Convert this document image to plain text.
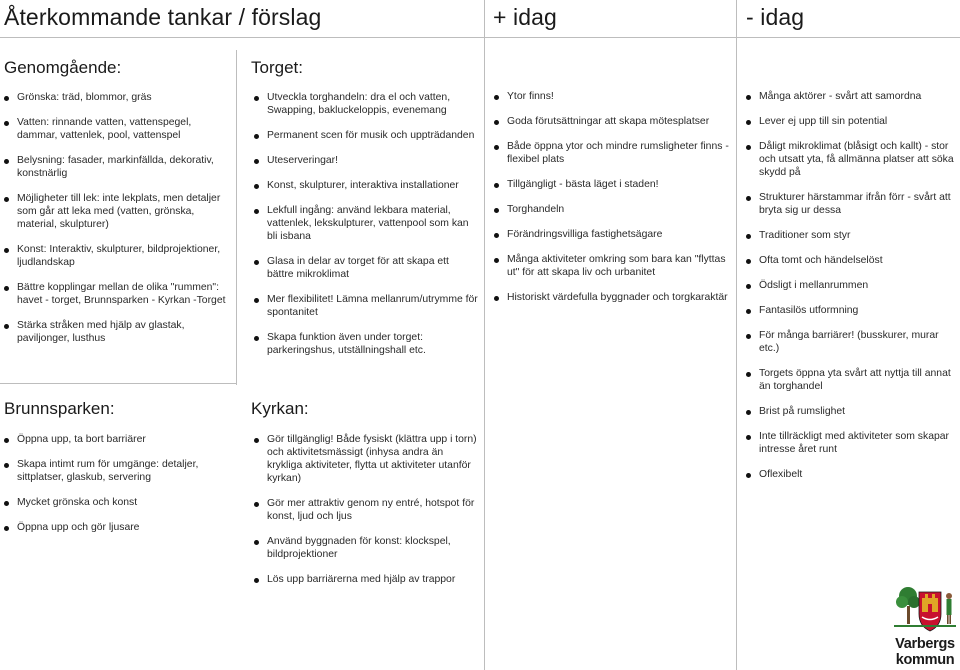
Återkommande tankar / förslag	+ idag	- idag
Genomgående:	Torget:
Brunnsparken:	Kyrkan:
Grönska: träd, blommor, gräs
Vatten: rinnande vatten, vattenspegel, dammar, vattenlek, pool, vattenspel
Belysning: fasader, markinfällda, dekorativ, konstnärlig
Möjligheter till lek: inte lekplats, men detaljer som går att leka med (vatten, grönska, material, skulpturer)
Konst: Interaktiv, skulpturer, bildprojektioner, ljudlandskap
Bättre kopplingar mellan de olika "rummen": havet - torget, Brunnsparken - Kyrkan -Torget
Stärka stråken med hjälp av glastak, paviljonger, lusthus
Utveckla torghandeln: dra el och vatten, Swapping, bakluckeloppis, evenemang
Permanent scen för musik och uppträdanden
Uteserveringar!
Konst, skulpturer, interaktiva installationer
Lekfull ingång: använd lekbara material, vattenlek, lekskulpturer, vattenpool som kan bli isbana
Glasa in delar av torget för att skapa ett bättre mikroklimat
Mer flexibilitet! Lämna mellanrum/utrymme för spontanitet
Skapa funktion även under torget: parkeringshus, utställningshall etc.
Öppna upp, ta bort barriärer
Skapa intimt rum för umgänge: detaljer, sittplatser, glaskub, servering
Mycket grönska och konst
Öppna upp och gör ljusare
Gör tillgänglig! Både fysiskt (klättra upp i torn) och aktivitetsmässigt (inhysa andra än krykliga aktiviteter, flytta ut aktiviteter utanför kyrkan)
Gör mer attraktiv genom ny entré, hotspot för konst, ljud och ljus
Använd byggnaden för konst: klockspel, bildprojektioner
Lös upp barriärerna med hjälp av trappor
Ytor finns!
Goda förutsättningar att skapa mötesplatser
Både öppna ytor och mindre rumsligheter finns - flexibel plats
Tillgängligt - bästa läget i staden!
Torghandeln
Förändringsvilliga fastighetsägare
Många aktiviteter omkring som bara kan "flyttas ut" för att skapa liv och urbanitet
Historiskt värdefulla byggnader och torgkaraktär
Många aktörer - svårt att samordna
Lever ej upp till sin potential
Dåligt mikroklimat (blåsigt och kallt) - stor och utsatt yta, få allmänna platser att söka skydd på
Strukturer härstammar ifrån förr - svårt att bryta sig ur dessa
Traditioner som styr
Ofta tomt och händelselöst
Ödsligt i mellanrummen
Fantasilös utformning
För många barriärer! (busskurer, murar etc.)
Torgets öppna yta svårt att nyttja till annat än torghandel
Brist på rumslighet
Inte tillräckligt med aktiviteter som skapar intresse året runt
Oflexibelt
Varbergs
kommun
